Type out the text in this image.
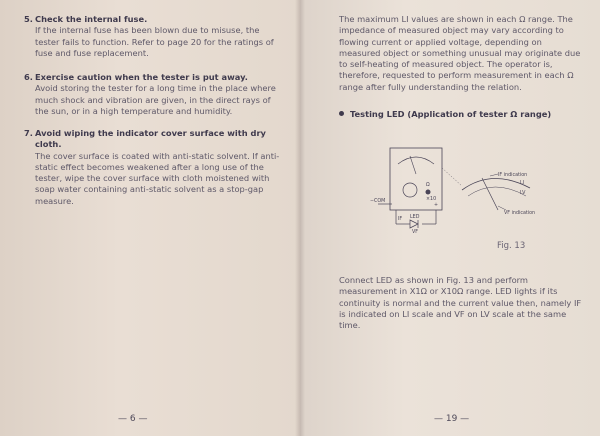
5. Check the internal fuse.
If the internal fuse has been blown due to misuse, the tester fails to function. Refer to page 20 for the ratings of fuse and fuse replacement.
6. Exercise caution when the tester is put away.
Avoid storing the tester for a long time in the place where much shock and vibration are given, in the direct rays of the sun, or in a high temperature and humidity.
7. Avoid wiping the indicator cover surface with dry cloth.
The cover surface is coated with anti-static solvent. If anti-static effect becomes weakened after a long use of the tester, wipe the cover surface with cloth moistened with soap water containing anti-static solvent as a stop-gap measure.
— 6 —
The maximum LI values are shown in each Ω range. The impedance of measured object may vary according to flowing current or applied voltage, depending on measured object or something unusual may originate due to self-heating of measured object. The operator is, therefore, requested to perform measurement in each Ω range after fully understanding the relation.
Testing LED (Application of tester Ω range)
Ω
×10
−COM
+
LED
IF
VF
IF indication
VF indication
LI
LV
Fig. 13
Connect LED as shown in Fig. 13 and perform measurement in X1Ω or X10Ω range. LED lights if its continuity is normal and the current value then, namely IF is indicated on LI scale and VF on LV scale at the same time.
— 19 —
